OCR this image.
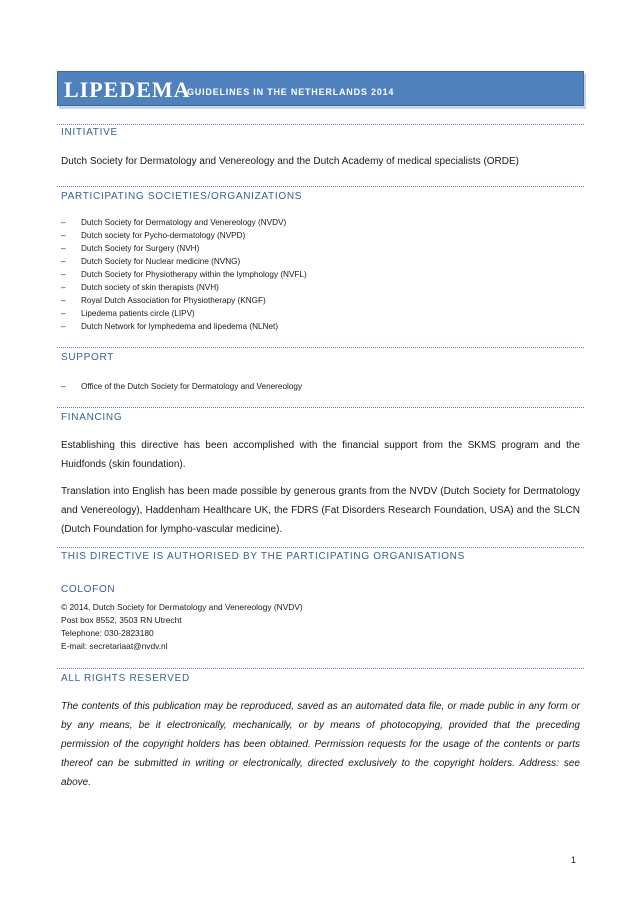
LIPEDEMA
GUIDELINES IN THE NETHERLANDS 2014
INITIATIVE
Dutch Society for Dermatology and Venereology and the Dutch Academy of medical specialists (ORDE)
PARTICIPATING SOCIETIES/ORGANIZATIONS
– Dutch Society for Dermatology and Venereology (NVDV)
– Dutch society for Pycho-dermatology (NVPD)
– Dutch Society for Surgery (NVH)
– Dutch Society for Nuclear medicine (NVNG)
– Dutch Society for Physiotherapy within the lymphology (NVFL)
– Dutch society of skin therapists (NVH)
– Royal Dutch Association for Physiotherapy (KNGF)
– Lipedema patients circle (LIPV)
– Dutch Network for lymphedema and lipedema (NLNet)
SUPPORT
– Office of the Dutch Society for Dermatology and Venereology
FINANCING
Establishing this directive has been accomplished with the financial support from the SKMS program and the Huidfonds (skin foundation).
Translation into English has been made possible by generous grants from the NVDV (Dutch Society for Dermatology and Venereology), Haddenham Healthcare UK, the FDRS (Fat Disorders Research Foundation, USA) and the SLCN (Dutch Foundation for lympho-vascular medicine).
THIS DIRECTIVE IS AUTHORISED BY THE PARTICIPATING ORGANISATIONS
COLOFON
© 2014, Dutch Society for Dermatology and Venereology (NVDV)
Post box 8552, 3503 RN Utrecht
Telephone: 030-2823180
E-mail: secretariaat@nvdv.nl
ALL RIGHTS RESERVED
The contents of this publication may be reproduced, saved as an automated data file, or made public in any form or by any means, be it electronically, mechanically, or by means of photocopying, provided that the preceding permission of the copyright holders has been obtained. Permission requests for the usage of the contents or parts thereof can be submitted in writing or electronically, directed exclusively to the copyright holders. Address: see above.
1
